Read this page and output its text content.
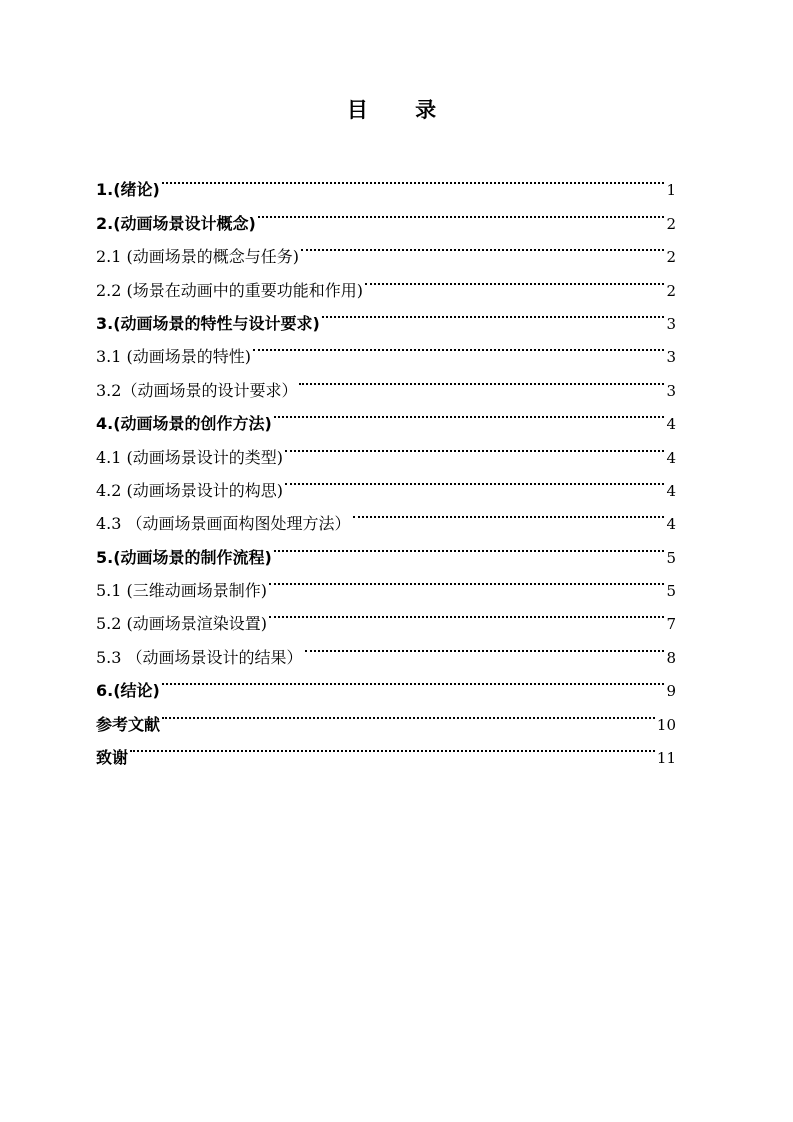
目 录
1.(绪论)	1
2.(动画场景设计概念)	2
2.1 (动画场景的概念与任务)	2
2.2 (场景在动画中的重要功能和作用)	2
3.(动画场景的特性与设计要求)	3
3.1 (动画场景的特性)	3
3.2（动画场景的设计要求）	3
4.(动画场景的创作方法)	4
4.1 (动画场景设计的类型)	4
4.2 (动画场景设计的构思)	4
4.3 （动画场景画面构图处理方法）	4
5.(动画场景的制作流程)	5
5.1 (三维动画场景制作)	5
5.2 (动画场景渲染设置)	7
5.3 （动画场景设计的结果）	8
6.(结论)	9
参考文献	10
致谢	11
